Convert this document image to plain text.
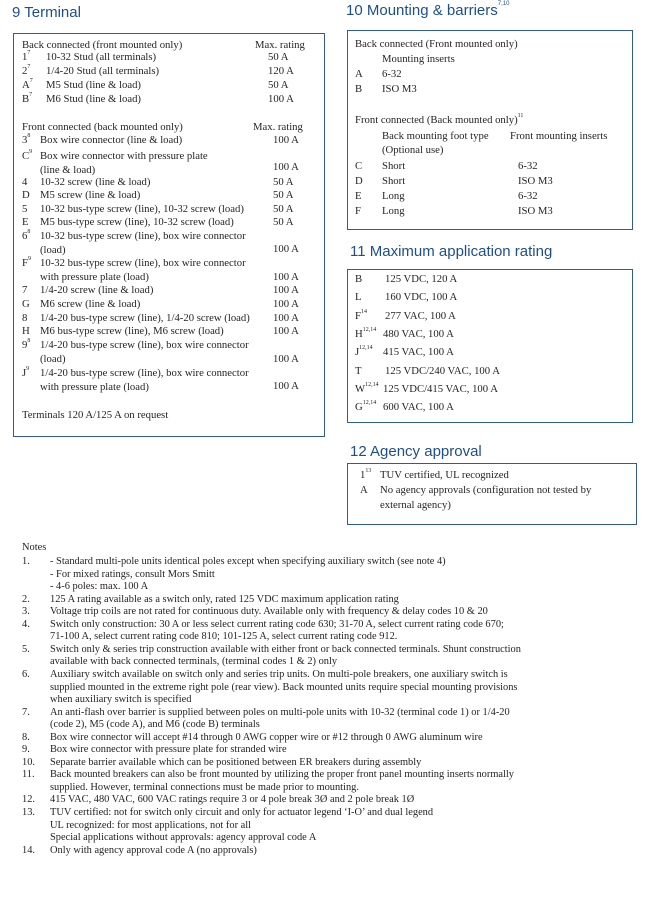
9 Terminal
Back connected (front mounted only)	Max. rating
$1^7$ 10-32 Stud (all terminals)	50 A
$2^7$ 1/4-20 Stud (all terminals)	120 A
$A^7$ M5 Stud (line & load)	50 A
$B^7$ M6 Stud (line & load)	100 A
Front connected (back mounted only)	Max. rating
$3^8$ Box wire connector (line & load)	100 A
$C^9$ Box wire connector with pressure plate
(line & load)	100 A
4 10-32 screw (line & load)	50 A
D M5 screw (line & load)	50 A
5 10-32 bus-type screw (line), 10-32 screw (load)	50 A
E M5 bus-type screw (line), 10-32 screw (load)	50 A
$6^8$ 10-32 bus-type screw (line), box wire connector
(load)	100 A
$F^9$ 10-32 bus-type screw (line), box wire connector
with pressure plate (load)	100 A
7 1/4-20 screw (line & load)	100 A
G M6 screw (line & load)	100 A
8 1/4-20 bus-type screw (line), 1/4-20 screw (load) 100 A
H M6 bus-type screw (line), M6 screw (load)	100 A
$9^8$ 1/4-20 bus-type screw (line), box wire connector
(load)	100 A
$J^9$ 1/4-20 bus-type screw (line), box wire connector
with pressure plate (load)	100 A
Terminals 120 A/125 A on request
10 Mounting & barriers$^{7,10}$
Back connected (Front mounted only)
Mounting inserts
A 6-32
B ISO M3
Front connected (Back mounted only)$^{11}$
Back mounting foot type Front mounting inserts
(Optional use)
C Short	6-32
D Short	ISO M3
E Long	6-32
F Long	ISO M3
11 Maximum application rating
B 125 VDC, 120 A
L 160 VDC, 100 A
$F^{14}$ 277 VAC, 100 A
H$^{12,14}$ 480 VAC, 100 A
J$^{12,14}$ 415 VAC, 100 A
T 125 VDC/240 VAC, 100 A
W$^{12,14}$ 125 VDC/415 VAC, 100 A
G$^{12,14}$ 600 VAC, 100 A
12 Agency approval
$1^{13}$ TUV certified, UL recognized
A No agency approvals (configuration not tested by
external agency)
Notes
1. - Standard multi-pole units identical poles except when specifying auxiliary switch (see note 4)
- For mixed ratings, consult Mors Smitt
- 4-6 poles: max. 100 A
2. 125 A rating available as a switch only, rated 125 VDC maximum application rating
3. Voltage trip coils are not rated for continuous duty. Available only with frequency & delay codes 10 & 20
4. Switch only construction: 30 A or less select current rating code 630; 31-70 A, select current rating code 670;
71-100 A, select current rating code 810; 101-125 A, select current rating code 912.
5. Switch only & series trip construction available with either front or back connected terminals. Shunt construction
available with back connected terminals, (terminal codes 1 & 2) only
6. Auxiliary switch available on switch only and series trip units. On multi-pole breakers, one auxiliary switch is
supplied mounted in the extreme right pole (rear view). Back mounted units require special mounting provisions
when auxiliary switch is specified
7. An anti-flash over barrier is supplied between poles on multi-pole units with 10-32 (terminal code 1) or 1/4-20
(code 2), M5 (code A), and M6 (code B) terminals
8. Box wire connector will accept #14 through 0 AWG copper wire or #12 through 0 AWG aluminum wire
9. Box wire connector with pressure plate for stranded wire
10. Separate barrier available which can be positioned between ER breakers during assembly
11. Back mounted breakers can also be front mounted by utilizing the proper front panel mounting inserts normally
supplied. However, terminal connections must be made prior to mounting.
12. 415 VAC, 480 VAC, 600 VAC ratings require 3 or 4 pole break 3Ø and 2 pole break 1Ø
13. TUV certified: not for switch only circuit and only for actuator legend ‘I-O’ and dual legend
UL recognized: for most applications, not for all
Special applications without approvals: agency approval code A
14. Only with agency approval code A (no approvals)
